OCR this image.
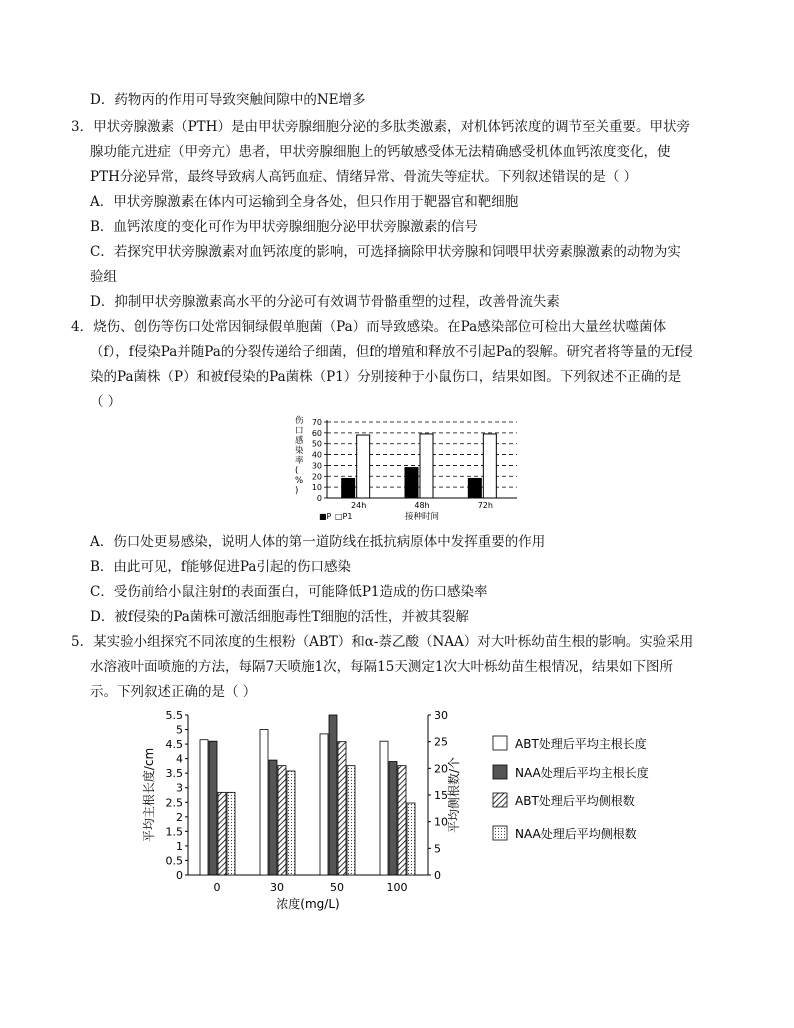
D．药物丙的作用可导致突触间隙中的NE增多
3．甲状旁腺激素（PTH）是由甲状旁腺细胞分泌的多肽类激素，对机体钙浓度的调节至关重要。甲状旁
腺功能亢进症（甲旁亢）患者，甲状旁腺细胞上的钙敏感受体无法精确感受机体血钙浓度变化，使
PTH分泌异常，最终导致病人高钙血症、情绪异常、骨流失等症状。下列叙述错误的是（ ）
A．甲状旁腺激素在体内可运输到全身各处，但只作用于靶器官和靶细胞
B．血钙浓度的变化可作为甲状旁腺细胞分泌甲状旁腺激素的信号
C．若探究甲状旁腺激素对血钙浓度的影响，可选择摘除甲状旁腺和饲喂甲状旁素腺激素的动物为实
验组
D．抑制甲状旁腺激素高水平的分泌可有效调节骨骼重塑的过程，改善骨流失素
4．烧伤、创伤等伤口处常因铜绿假单胞菌（Pa）而导致感染。在Pa感染部位可检出大量丝状噬菌体
（f），f侵染Pa并随Pa的分裂传递给子细菌，但f的增殖和释放不引起Pa的裂解。研究者将等量的无f侵
染的Pa菌株（P）和被f侵染的Pa菌株（P1）分别接种于小鼠伤口，结果如图。下列叙述不正确的是
（ ）
0
10
20
30
40
50
60
70
伤口感染率( % )
24h	48h	72h
■P □P1	接种时间
A．伤口处更易感染，说明人体的第一道防线在抵抗病原体中发挥重要的作用
B．由此可见，f能够促进Pa引起的伤口感染
C．受伤前给小鼠注射f的表面蛋白，可能降低P1造成的伤口感染率
D．被f侵染的Pa菌株可激活细胞毒性T细胞的活性，并被其裂解
5．某实验小组探究不同浓度的生根粉（ABT）和α-萘乙酸（NAA）对大叶栎幼苗生根的影响。实验采用
水溶液叶面喷施的方法，每隔7天喷施1次，每隔15天测定1次大叶栎幼苗生根情况，结果如下图所
示。下列叙述正确的是（ ）
0
0.5
1
1.5
2
2.5
3
3.5
4
4.5
5
5.5
0
5
10
15
20
25
30
平均主根长度/cm	平均侧根数/个
0	30	50	100
浓度(mg/L)
ABT处理后平均主根长度
NAA处理后平均主根长度
ABT处理后平均侧根数
NAA处理后平均侧根数
